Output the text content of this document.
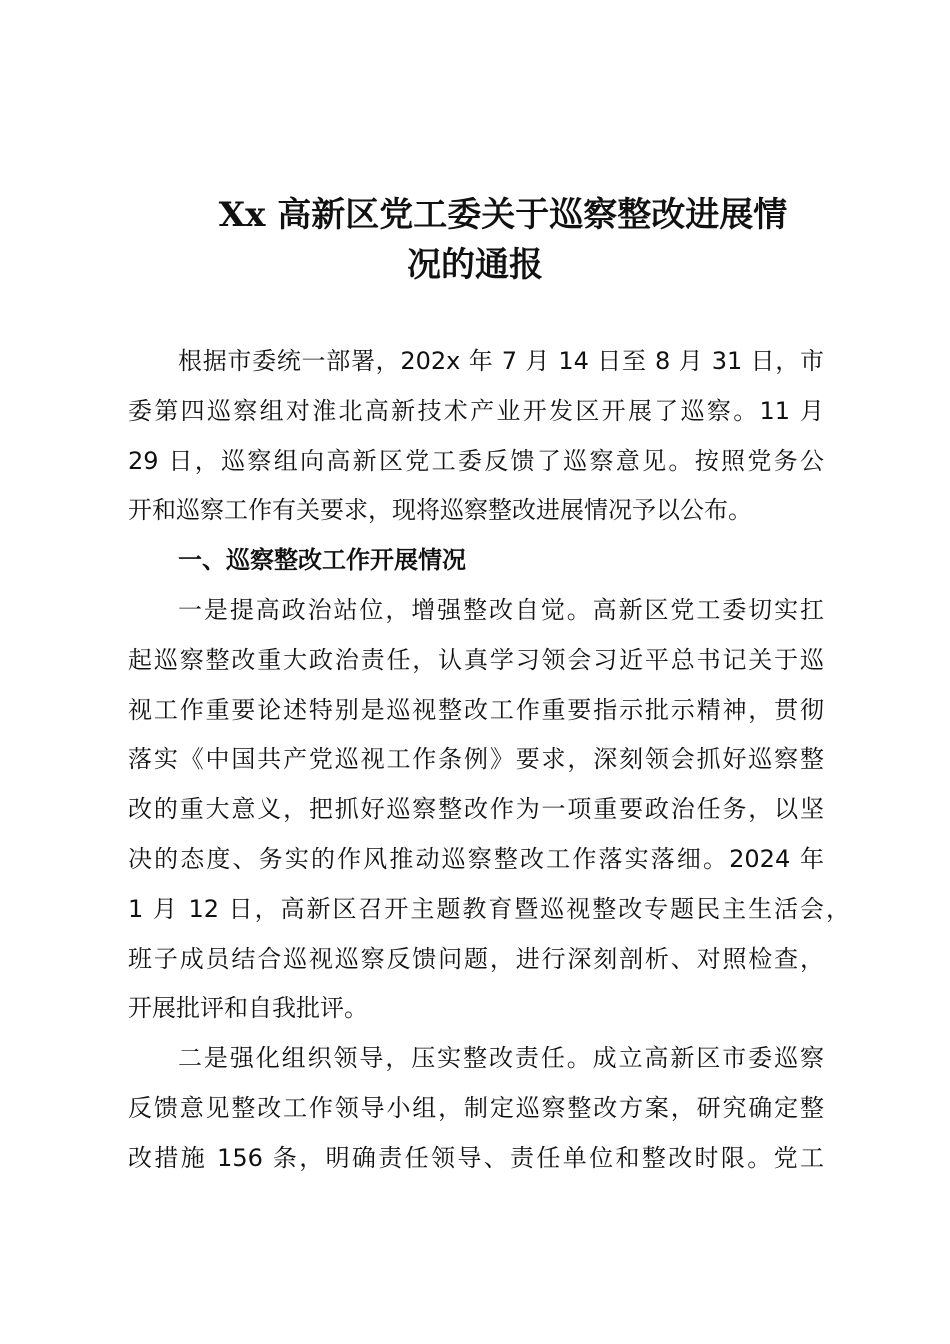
Xx 高新区党工委关于巡察整改进展情
况的通报
根据市委统一部署，202x 年 7 月 14 日至 8 月 31 日，市
委第四巡察组对淮北高新技术产业开发区开展了巡察。11 月
29 日，巡察组向高新区党工委反馈了巡察意见。按照党务公
开和巡察工作有关要求，现将巡察整改进展情况予以公布。
一、巡察整改工作开展情况
一是提高政治站位，增强整改自觉。高新区党工委切实扛
起巡察整改重大政治责任，认真学习领会习近平总书记关于巡
视工作重要论述特别是巡视整改工作重要指示批示精神，贯彻
落实《中国共产党巡视工作条例》要求，深刻领会抓好巡察整
改的重大意义，把抓好巡察整改作为一项重要政治任务，以坚
决的态度、务实的作风推动巡察整改工作落实落细。2024 年
1 月 12 日，高新区召开主题教育暨巡视整改专题民主生活会，
班子成员结合巡视巡察反馈问题，进行深刻剖析、对照检查，
开展批评和自我批评。
二是强化组织领导，压实整改责任。成立高新区市委巡察
反馈意见整改工作领导小组，制定巡察整改方案，研究确定整
改措施 156 条，明确责任领导、责任单位和整改时限。党工
